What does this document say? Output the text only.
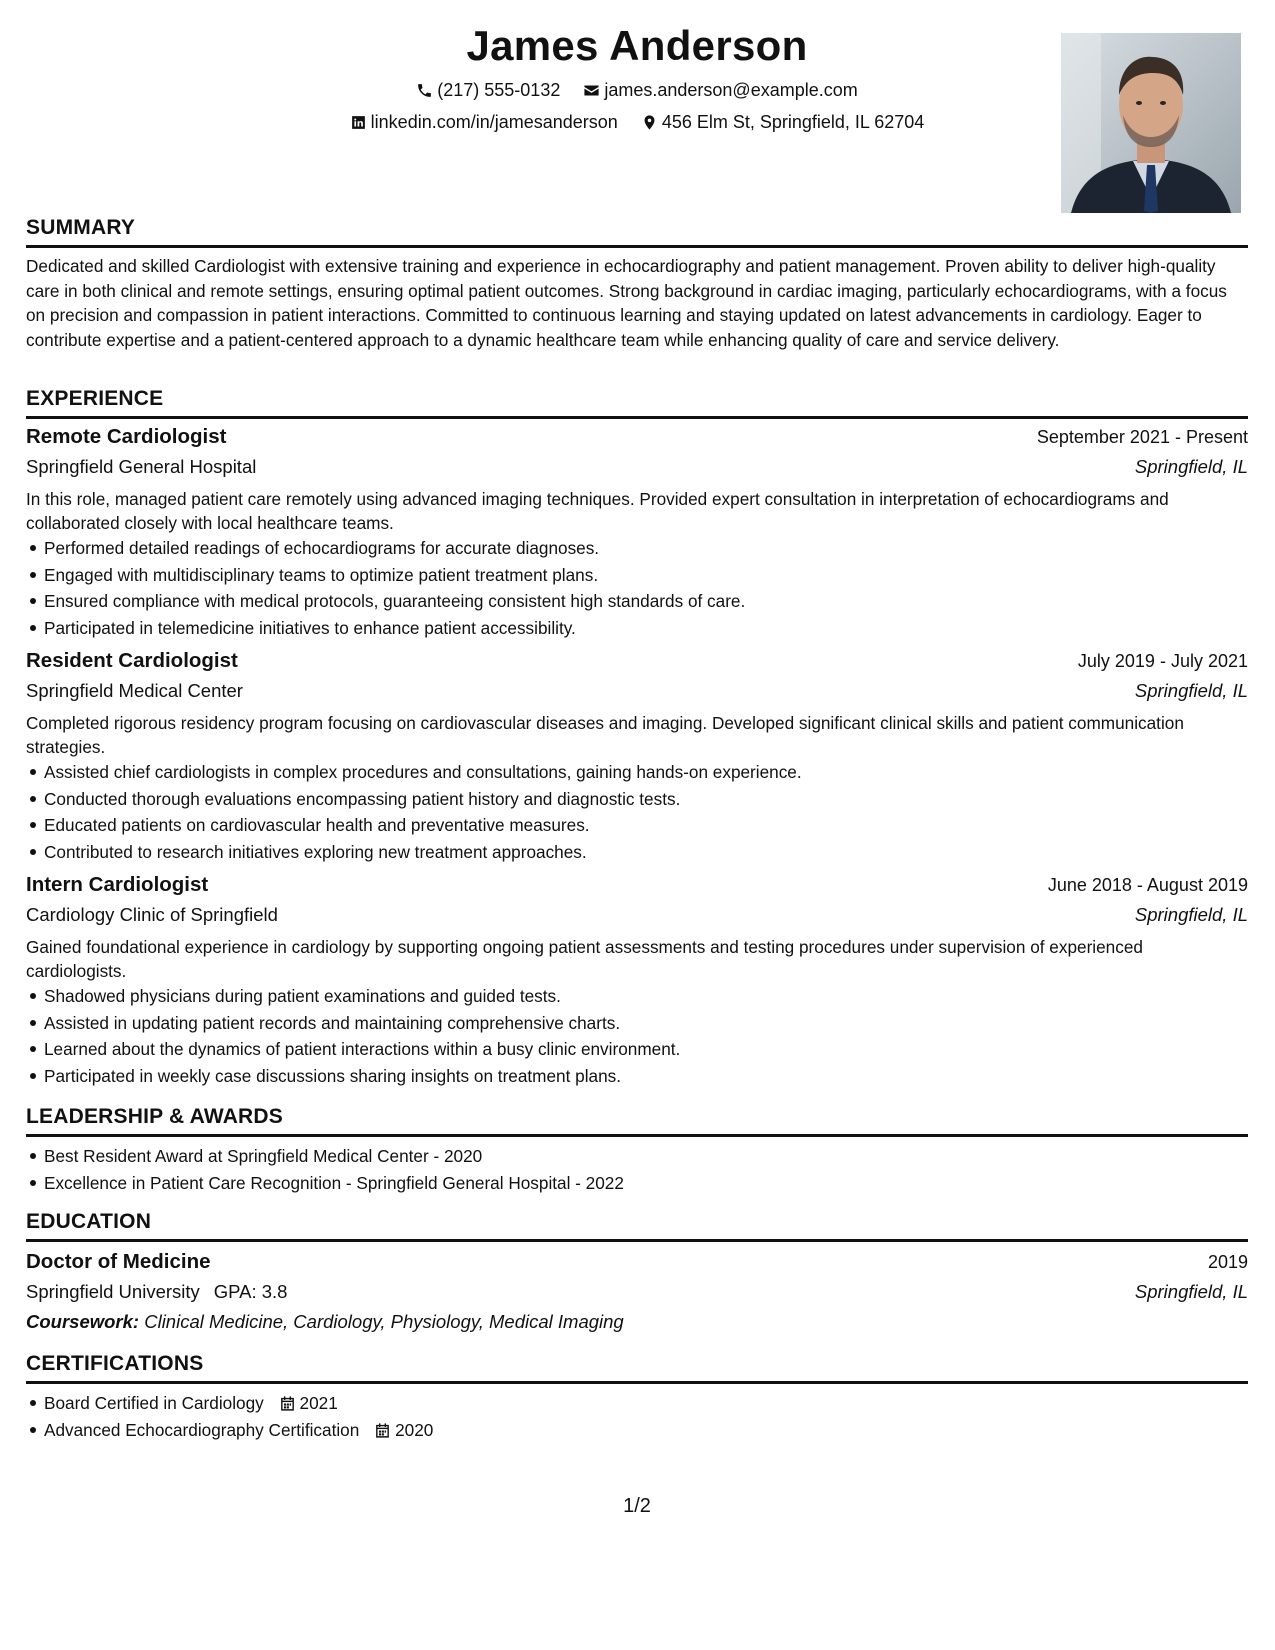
James Anderson
(217) 555-0132
james.anderson@example.com
linkedin.com/in/jamesanderson
456 Elm St, Springfield, IL 62704
SUMMARY

Dedicated and skilled Cardiologist with extensive training and experience in echocardiography and patient management. Proven ability to deliver high-quality care in both clinical and remote settings, ensuring optimal patient outcomes. Strong background in cardiac imaging, particularly echocardiograms, with a focus on precision and compassion in patient interactions. Committed to continuous learning and staying updated on latest advancements in cardiology. Eager to contribute expertise and a patient-centered approach to a dynamic healthcare team while enhancing quality of care and service delivery.

EXPERIENCE
Remote Cardiologist	September 2021 - Present
Springfield General Hospital	Springfield, IL
In this role, managed patient care remotely using advanced imaging techniques. Provided expert consultation in interpretation of echocardiograms and collaborated closely with local healthcare teams.
Performed detailed readings of echocardiograms for accurate diagnoses.
Engaged with multidisciplinary teams to optimize patient treatment plans.
Ensured compliance with medical protocols, guaranteeing consistent high standards of care.
Participated in telemedicine initiatives to enhance patient accessibility.
Resident Cardiologist	July 2019 - July 2021
Springfield Medical Center	Springfield, IL
Completed rigorous residency program focusing on cardiovascular diseases and imaging. Developed significant clinical skills and patient communication strategies.
Assisted chief cardiologists in complex procedures and consultations, gaining hands-on experience.
Conducted thorough evaluations encompassing patient history and diagnostic tests.
Educated patients on cardiovascular health and preventative measures.
Contributed to research initiatives exploring new treatment approaches.
Intern Cardiologist	June 2018 - August 2019
Cardiology Clinic of Springfield	Springfield, IL
Gained foundational experience in cardiology by supporting ongoing patient assessments and testing procedures under supervision of experienced cardiologists.
Shadowed physicians during patient examinations and guided tests.
Assisted in updating patient records and maintaining comprehensive charts.
Learned about the dynamics of patient interactions within a busy clinic environment.
Participated in weekly case discussions sharing insights on treatment plans.
LEADERSHIP & AWARDS
Best Resident Award at Springfield Medical Center - 2020
Excellence in Patient Care Recognition - Springfield General Hospital - 2022
EDUCATION
Doctor of Medicine	2019
Springfield University GPA: 3.8	Springfield, IL
Coursework: Clinical Medicine, Cardiology, Physiology, Medical Imaging
CERTIFICATIONS
Board Certified in Cardiology 2021
Advanced Echocardiography Certification 2020
1/2
